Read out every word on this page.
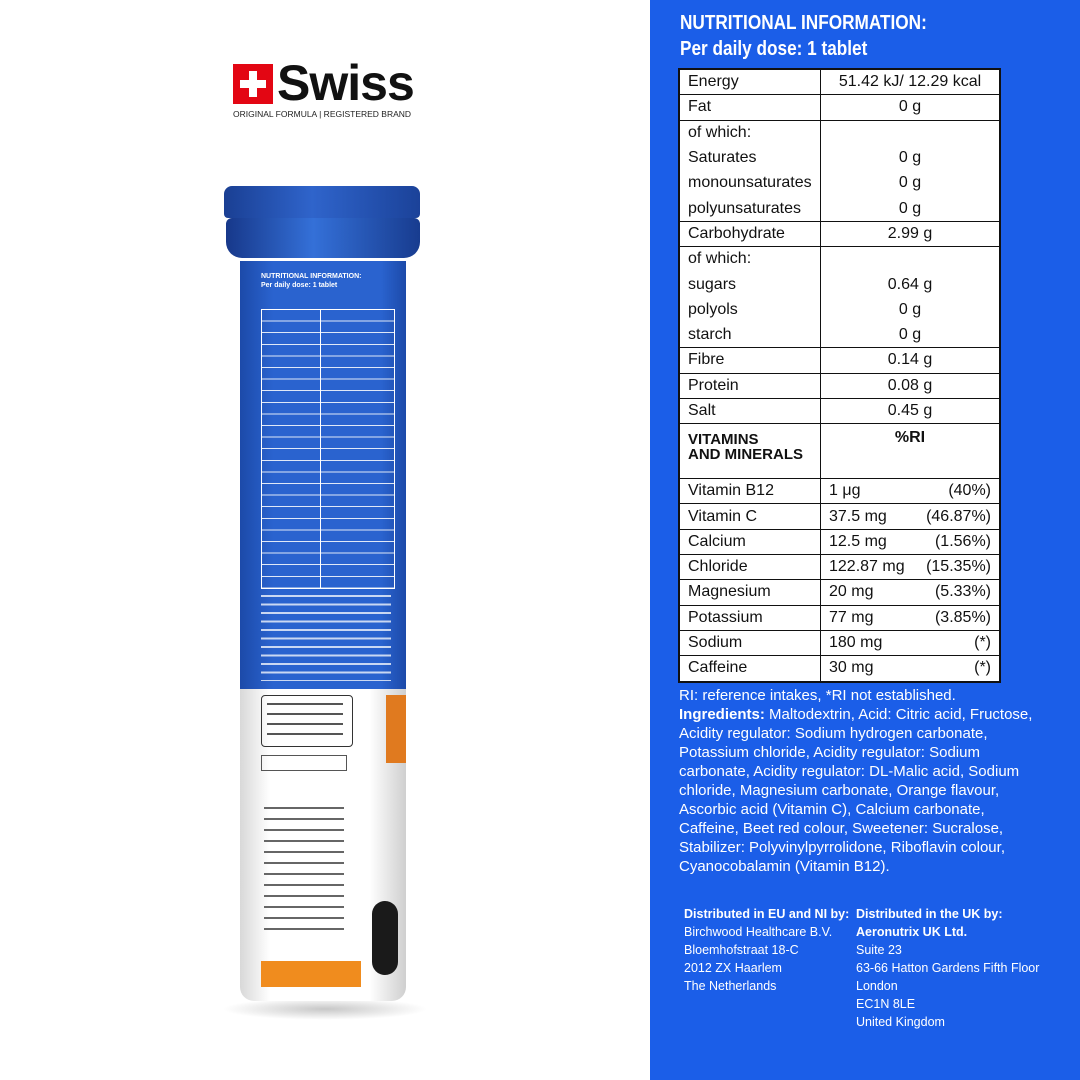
Swiss
ORIGINAL FORMULA | REGISTERED BRAND
NUTRITIONAL INFORMATION:
Per daily dose: 1 tablet
NUTRITIONAL INFORMATION:
Per daily dose: 1 tablet
Energy	51.42 kJ/ 12.29 kcal
Fat	0 g
of which:	
Saturates	0 g
monounsaturates	0 g
polyunsaturates	0 g
Carbohydrate	2.99 g
of which:	
sugars	0.64 g
polyols	0 g
starch	0 g
Fibre	0.14 g
Protein	0.08 g
Salt	0.45 g

VITAMINS
AND MINERALS	%RI
Vitamin B12	1 μg (40%)

Vitamin C	37.5 mg (46.87%)

Calcium	12.5 mg (1.56%)

Chloride	122.87 mg (15.35%)

Magnesium	20 mg (5.33%)

Potassium	77 mg (3.85%)

Sodium	180 mg (*)

Caffeine	30 mg (*)
RI: reference intakes, *RI not established.
Ingredients: Maltodextrin, Acid: Citric acid, Fructose, Acidity regulator: Sodium hydrogen carbonate, Potassium chloride, Acidity regulator: Sodium carbonate, Acidity regulator: DL-Malic acid, Sodium chloride, Magnesium carbonate, Orange flavour, Ascorbic acid (Vitamin C), Calcium carbonate, Caffeine, Beet red colour, Sweetener: Sucralose, Stabilizer: Polyvinylpyrrolidone, Riboflavin colour, Cyanocobalamin (Vitamin B12).
Distributed in EU and NI by:
Birchwood Healthcare B.V.
Bloemhofstraat 18-C
2012 ZX Haarlem
The Netherlands
Distributed in the UK by:
Aeronutrix UK Ltd.
Suite 23
63-66 Hatton Gardens Fifth Floor
London
EC1N 8LE
United Kingdom
